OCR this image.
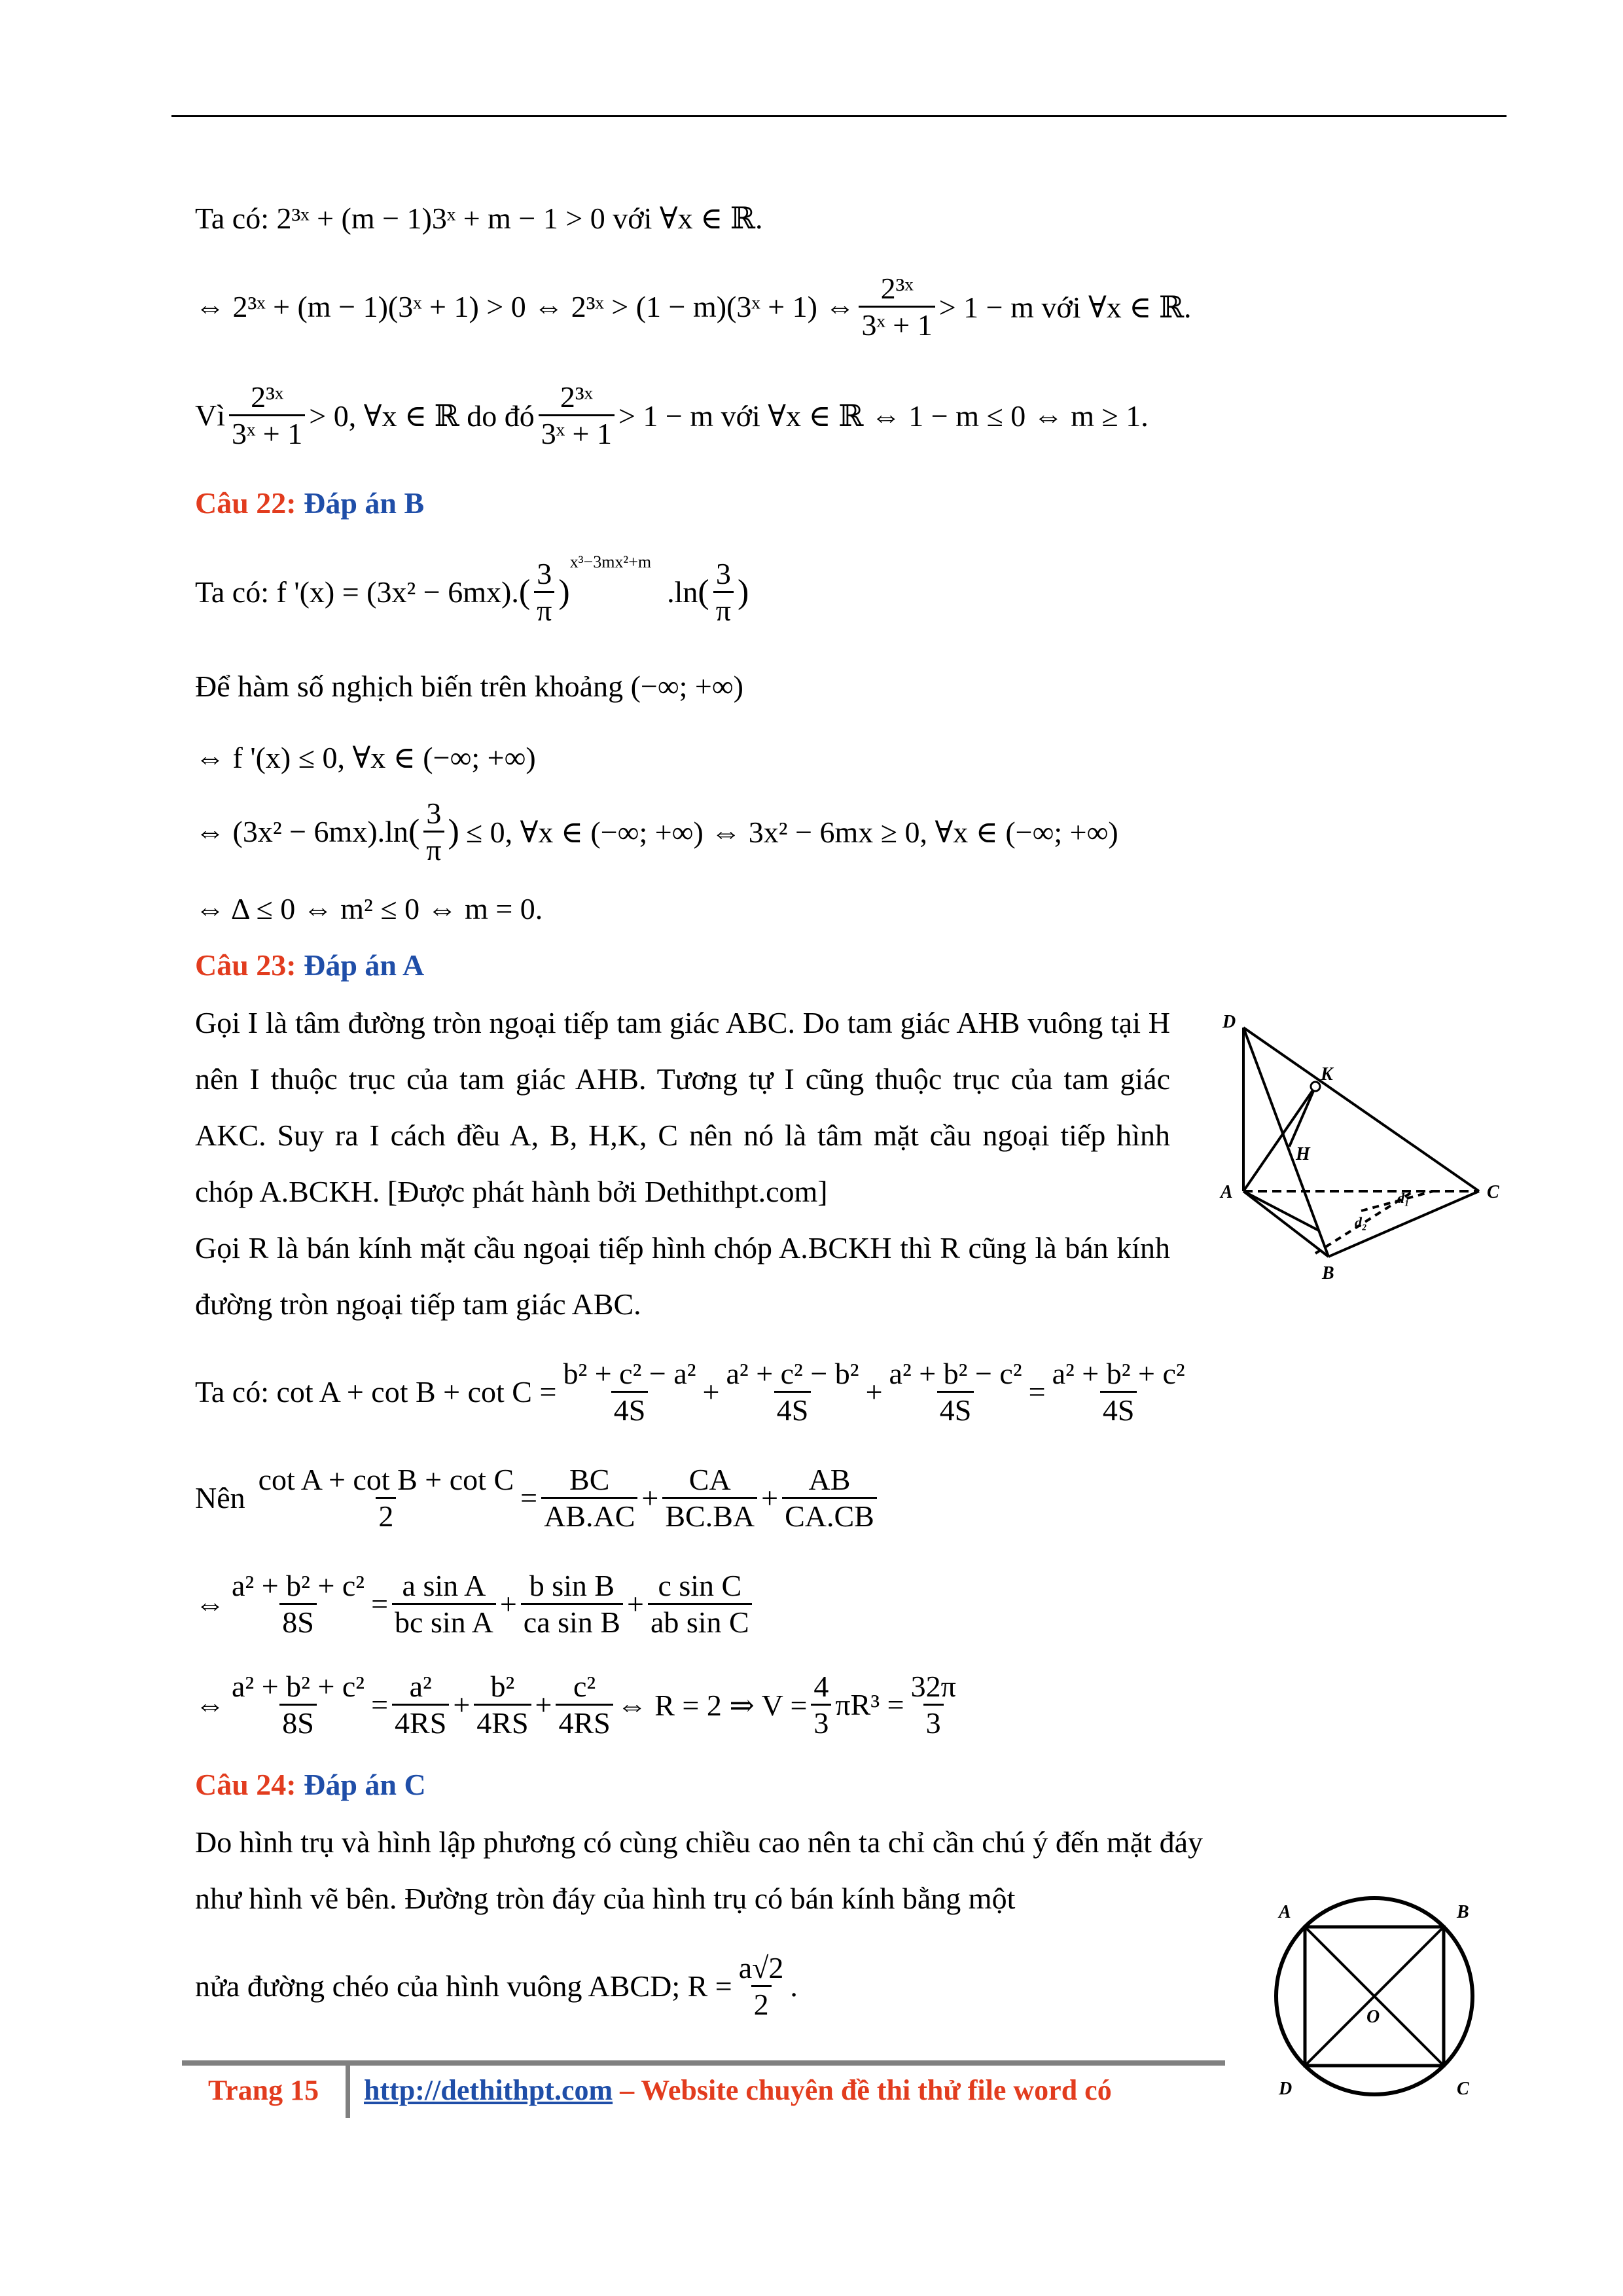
Ta có: 2³ˣ + (m − 1)3ˣ + m − 1 > 0 với ∀x ∈ ℝ.
⇔ 2³ˣ + (m − 1)(3ˣ + 1) > 0 ⇔ 2³ˣ > (1 − m)(3ˣ + 1) ⇔ $\frac{\text{2³ˣ}}{\text{3ˣ + 1}} > 1 - m$ với ∀x ∈ ℝ.
Vì $\frac{\text{2³ˣ}}{\text{3ˣ + 1}} > 0$, ∀x ∈ ℝ do đó $\frac{\text{2³ˣ}}{\text{3ˣ + 1}} > 1 - m$ với ∀x ∈ ℝ ⇔ 1 − m ≤ 0 ⇔ m ≥ 1.
Câu 22: Đáp án B
Ta có: f '(x) = (3x² − 6mx). ( $\frac{3}{\pi}$ )
x³−3mx²+m
.ln ( $\frac{3}{\pi}$ )
Để hàm số nghịch biến trên khoảng (−∞; +∞)
⇔ f '(x) ≤ 0, ∀x ∈ (−∞; +∞)
⇔ (3x² − 6mx).ln ( $\frac{3}{\pi}$ ) ≤ 0, ∀x ∈ (−∞; +∞) ⇔ 3x² − 6mx ≥ 0, ∀x ∈ (−∞; +∞)
⇔ Δ ≤ 0 ⇔ m² ≤ 0 ⇔ m = 0.
Câu 23: Đáp án A
Gọi I là tâm đường tròn ngoại tiếp tam giác ABC. Do tam giác AHB vuông tại H nên I thuộc trục của tam giác AHB. Tương tự I cũng thuộc trục của tam giác AKC. Suy ra I cách đều A, B, H,K, C nên nó là tâm mặt cầu ngoại tiếp hình chóp A.BCKH. [Được phát hành bởi Dethithpt.com]
Gọi R là bán kính mặt cầu ngoại tiếp hình chóp A.BCKH thì R cũng là bán kính đường tròn ngoại tiếp tam giác ABC.
D
K
H
A	C
B
d₁
d₂
Ta có: $\cot A + \cot B + \cot C = \frac{\text{b² + c² − a²}}{4S} + \frac{\text{a² + c² − b²}}{4S} + \frac{\text{a² + b² − c²}}{4S} = \frac{\text{a² + b² + c²}}{4S}$
Nên $\frac{\text{cot A + cot B + cot C}}{2} = \frac{BC}{AB.AC} + \frac{CA}{BC.BA} + \frac{AB}{CA.CB}$
⇔ $\frac{\text{a² + b² + c²}}{8S} = \frac{\text{a sin A}}{\text{bc sin A}} + \frac{\text{b sin B}}{\text{ca sin B}} + \frac{\text{c sin C}}{\text{ab sin C}}$
⇔ $\frac{\text{a² + b² + c²}}{8S} = \frac{\text{a²}}{4RS} + \frac{\text{b²}}{4RS} + \frac{\text{c²}}{4RS}$ ⇔ R = 2 ⇒ $V = \frac{4}{3} \pi R^3 = \frac{32\pi}{3}$
Câu 24: Đáp án C
Do hình trụ và hình lập phương có cùng chiều cao nên ta chỉ cần chú ý đến mặt đáy như hình vẽ bên. Đường tròn đáy của hình trụ có bán kính bằng một
nửa đường chéo của hình vuông ABCD; $R = \frac{a√2}{2}$ .
A	B
C
D
O
Trang 15 http://dethithpt.com – Website chuyên đề thi thử file word có
